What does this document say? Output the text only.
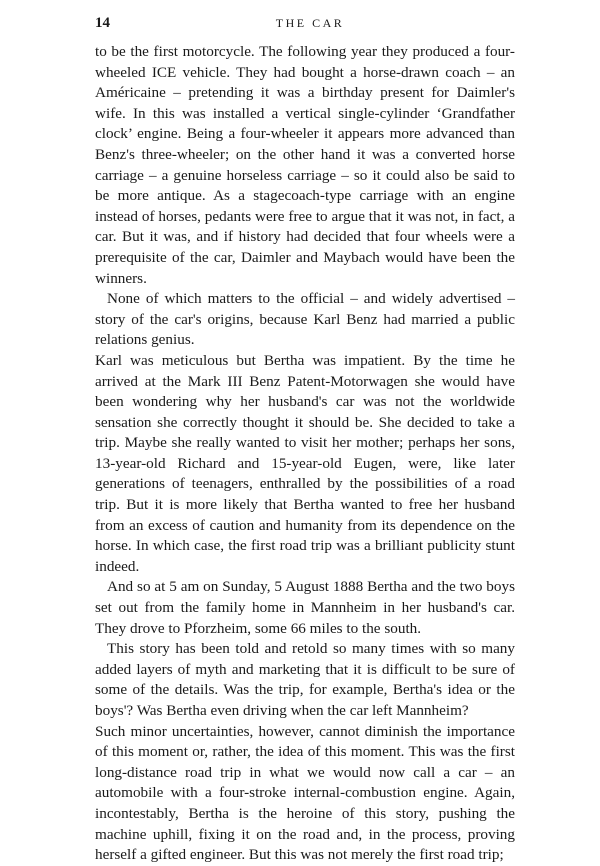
14	THE CAR

to be the first motorcycle. The following year they produced a four-wheeled ICE vehicle. They had bought a horse-drawn coach – an Américaine – pretending it was a birthday present for Daimler's wife. In this was installed a vertical single-cylinder ‘Grandfather clock’ engine. Being a four-wheeler it appears more advanced than Benz's three-wheeler; on the other hand it was a converted horse carriage – a genuine horseless carriage – so it could also be said to be more antique. As a stagecoach-type carriage with an engine instead of horses, pedants were free to argue that it was not, in fact, a car. But it was, and if history had decided that four wheels were a prerequisite of the car, Daimler and Maybach would have been the winners.

None of which matters to the official – and widely advertised – story of the car's origins, because Karl Benz had married a public relations genius.

Karl was meticulous but Bertha was impatient. By the time he arrived at the Mark III Benz Patent-Motorwagen she would have been wondering why her husband's car was not the worldwide sensation she correctly thought it should be. She decided to take a trip. Maybe she really wanted to visit her mother; perhaps her sons, 13-year-old Richard and 15-year-old Eugen, were, like later generations of teenagers, enthralled by the possibilities of a road trip. But it is more likely that Bertha wanted to free her husband from an excess of caution and humanity from its dependence on the horse. In which case, the first road trip was a brilliant publicity stunt indeed.

And so at 5 am on Sunday, 5 August 1888 Bertha and the two boys set out from the family home in Mannheim in her husband's car. They drove to Pforzheim, some 66 miles to the south.

This story has been told and retold so many times with so many added layers of myth and marketing that it is difficult to be sure of some of the details. Was the trip, for example, Bertha's idea or the boys'? Was Bertha even driving when the car left Mannheim?

Such minor uncertainties, however, cannot diminish the importance of this moment or, rather, the idea of this moment. This was the first long-distance road trip in what we would now call a car – an automobile with a four-stroke internal-combustion engine. Again, incontestably, Bertha is the heroine of this story, pushing the machine uphill, fixing it on the road and, in the process, proving herself a gifted engineer. But this was not merely the first road trip;
